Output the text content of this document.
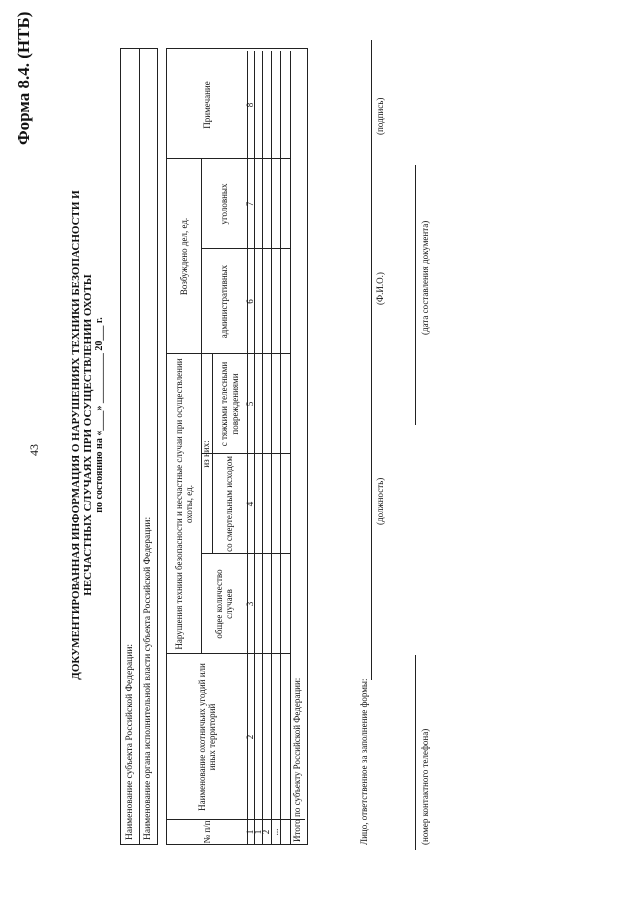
43
Форма 8.4. (НТБ)
ДОКУМЕНТИРОВАННАЯ ИНФОРМАЦИЯ О НАРУШЕНИЯХ ТЕХНИКИ БЕЗОПАСНОСТИ И НЕСЧАСТНЫХ СЛУЧАЯХ ПРИ ОСУЩЕСТВЛЕНИИ ОХОТЫ по состоянию на «____» __________ 20___ г.
Наименование субъекта Российской Федерации: Наименование органа исполнительной власти субъекта Российской Федерации:	№ п/п
Наименование охотничьих угодий или иных территорий
Нарушения техники безопасности и несчастные случаи при осуществлении охоты, ед.
общее количество случаев
из них:
со смертельным исходом
с тяжкими телесными повреждениями
Возбуждено дел, ед.
административных
уголовных
Примечание
1
2
3
4
5
6
7
8
1
2 ... Итого по субъекту Российской Федерации:	Лицо, ответственное за заполнение формы:
(должность)
(Ф.И.О.)
(подпись)
(номер контактного телефона)
(дата составления документа)
